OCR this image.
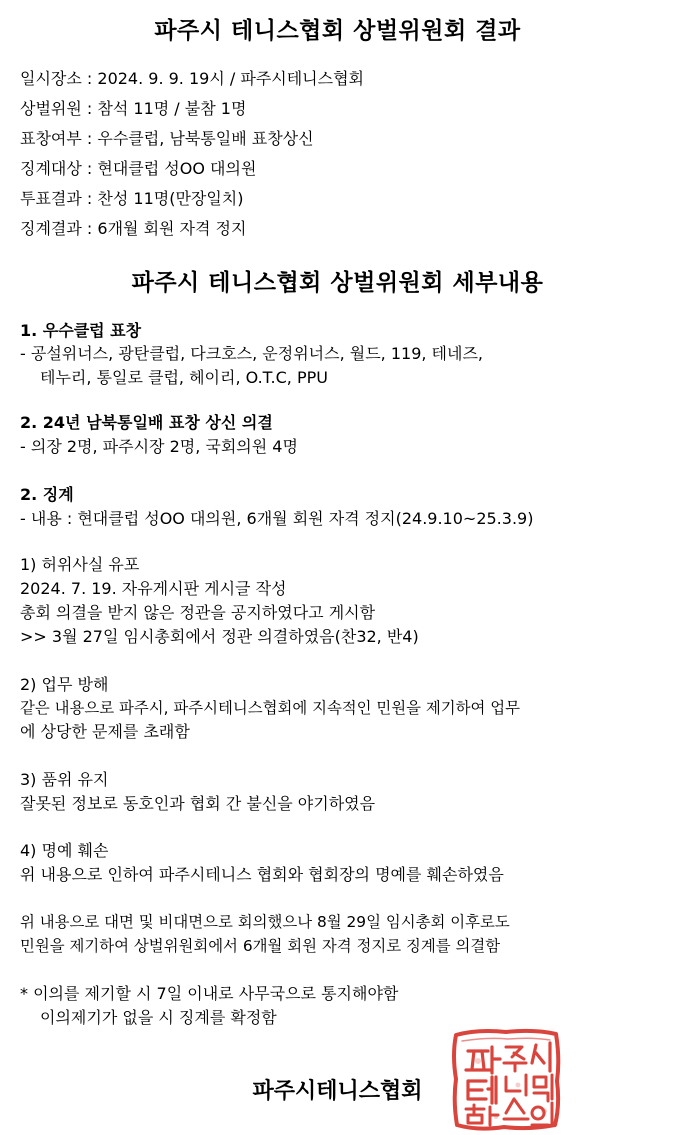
파주시 테니스협회 상벌위원회 결과
일시장소 : 2024. 9. 9. 19시 / 파주시테니스협회
상벌위원 : 참석 11명 / 불참 1명
표창여부 : 우수클럽, 남북통일배 표창상신
징계대상 : 현대클럽 성OO 대의원
투표결과 : 찬성 11명(만장일치)
징계결과 : 6개월 회원 자격 정지
파주시 테니스협회 상벌위원회 세부내용
1. 우수클럽 표창
- 공설위너스, 광탄클럽, 다크호스, 운정위너스, 월드, 119, 테네즈,
테누리, 통일로 클럽, 헤이리, O.T.C, PPU
2. 24년 남북통일배 표창 상신 의결
- 의장 2명, 파주시장 2명, 국회의원 4명
2. 징계
- 내용 : 현대클럽 성OO 대의원, 6개월 회원 자격 정지(24.9.10~25.3.9)
1) 허위사실 유포
2024. 7. 19. 자유게시판 게시글 작성
총회 의결을 받지 않은 정관을 공지하였다고 게시함
>> 3월 27일 임시총회에서 정관 의결하였음(찬32, 반4)
2) 업무 방해
같은 내용으로 파주시, 파주시테니스협회에 지속적인 민원을 제기하여 업무
에 상당한 문제를 초래함
3) 품위 유지
잘못된 정보로 동호인과 협회 간 불신을 야기하였음
4) 명예 훼손
위 내용으로 인하여 파주시테니스 협회와 협회장의 명예를 훼손하였음
위 내용으로 대면 및 비대면으로 회의했으나 8월 29일 임시총회 이후로도
민원을 제기하여 상벌위원회에서 6개월 회원 자격 정지로 징계를 의결함
* 이의를 제기할 시 7일 이내로 사무국으로 통지해야함
이의제기가 없을 시 징계를 확정함
파주시테니스협회
